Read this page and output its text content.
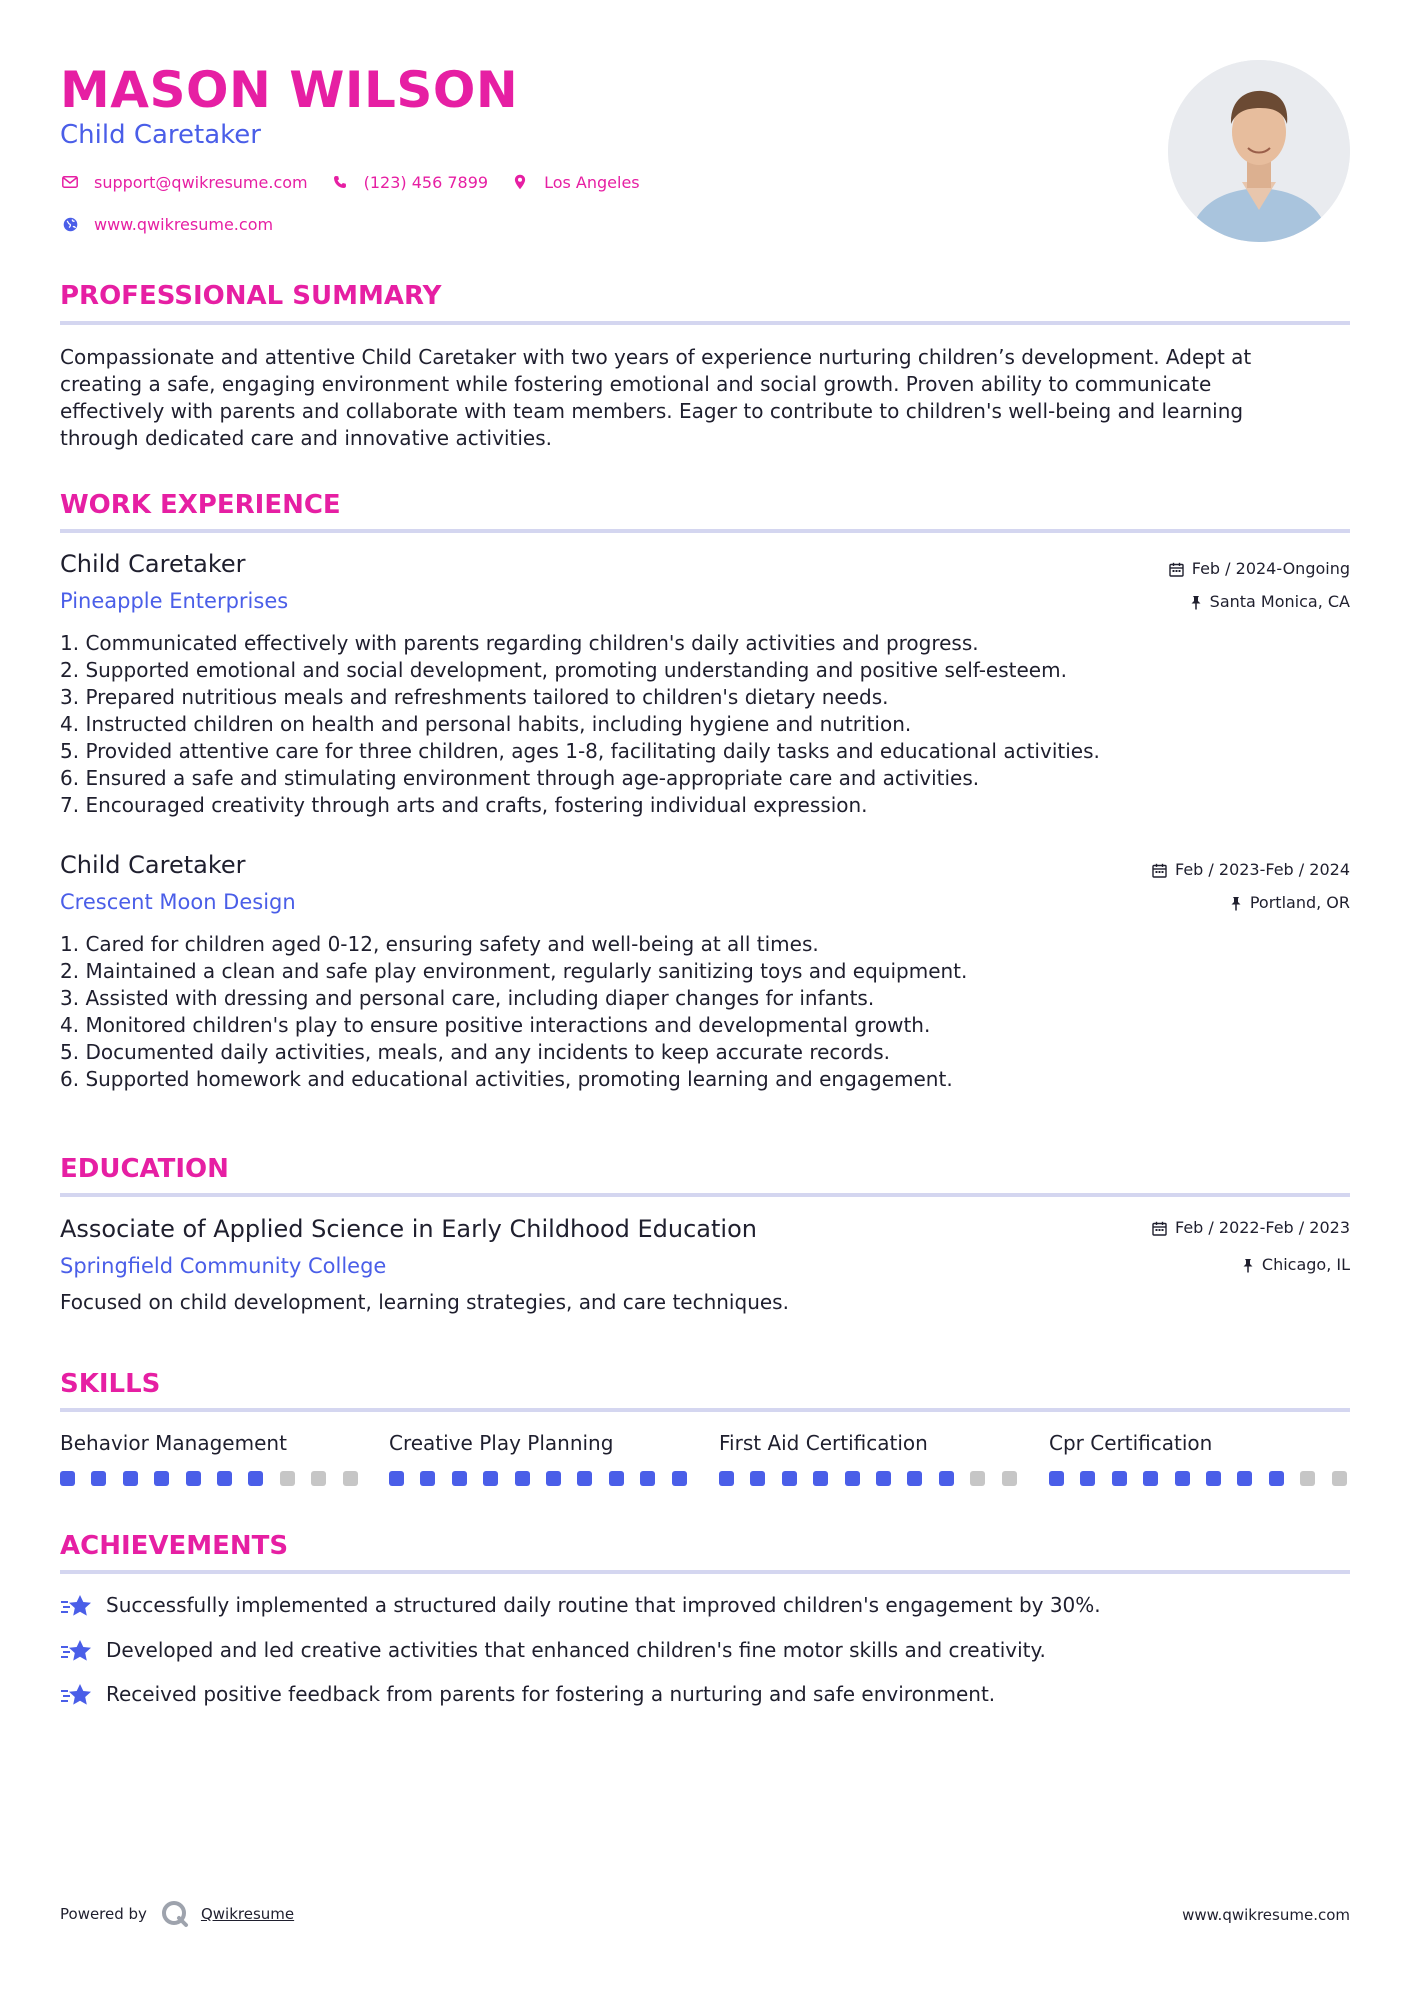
MASON WILSON
Child Caretaker
support@qwikresume.com	(123) 456 7899	Los Angeles
www.qwikresume.com
PROFESSIONAL SUMMARY
Compassionate and attentive Child Caretaker with two years of experience nurturing children’s development. Adept at
creating a safe, engaging environment while fostering emotional and social growth. Proven ability to communicate
effectively with parents and collaborate with team members. Eager to contribute to children's well-being and learning
through dedicated care and innovative activities.
WORK EXPERIENCE
Child Caretaker
Pineapple Enterprises
Feb / 2024-Ongoing
Santa Monica, CA
1. Communicated effectively with parents regarding children's daily activities and progress.
2. Supported emotional and social development, promoting understanding and positive self-esteem.
3. Prepared nutritious meals and refreshments tailored to children's dietary needs.
4. Instructed children on health and personal habits, including hygiene and nutrition.
5. Provided attentive care for three children, ages 1-8, facilitating daily tasks and educational activities.
6. Ensured a safe and stimulating environment through age-appropriate care and activities.
7. Encouraged creativity through arts and crafts, fostering individual expression.
Child Caretaker
Crescent Moon Design
Feb / 2023-Feb / 2024
Portland, OR
1. Cared for children aged 0-12, ensuring safety and well-being at all times.
2. Maintained a clean and safe play environment, regularly sanitizing toys and equipment.
3. Assisted with dressing and personal care, including diaper changes for infants.
4. Monitored children's play to ensure positive interactions and developmental growth.
5. Documented daily activities, meals, and any incidents to keep accurate records.
6. Supported homework and educational activities, promoting learning and engagement.
EDUCATION
Associate of Applied Science in Early Childhood Education
Springfield Community College
Feb / 2022-Feb / 2023
Chicago, IL
Focused on child development, learning strategies, and care techniques.
SKILLS
Behavior Management	Creative Play Planning	First Aid Certification	Cpr Certification
ACHIEVEMENTS
Successfully implemented a structured daily routine that improved children's engagement by 30%.
Developed and led creative activities that enhanced children's fine motor skills and creativity.
Received positive feedback from parents for fostering a nurturing and safe environment.
Powered by	Qwikresume	www.qwikresume.com
